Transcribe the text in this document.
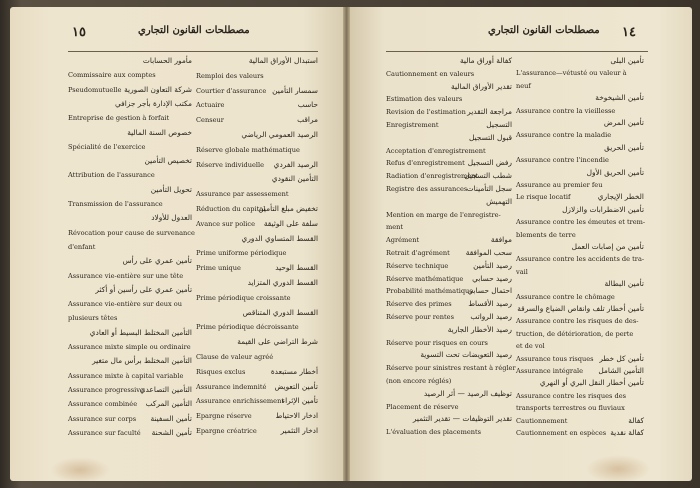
١٥	مصطلحات القانون التجاري
مأمور الحسابات
Commissaire aux comptes
Pseudomutuelle شركة التعاون الصورية
مكتب الإدارة بأجر جزافي
Entreprise de gestion à forfait
خصوص السنة المالية
Spécialité de l'exercice
تخصيص التأمين
Attribution de l'assurance
تحويل التأمين
Transmission de l'assurance
العدول للأولاد
Révocation pour cause de survenance
d'enfant
تأمين عمري على رأس
Assurance vie-entière sur une tête
تأمين عمري على رأسين أو أكثر
Assurance vie-entière sur deux ou
plusieurs têtes
التأمين المختلط البسيط أو العادي
Assurance mixte simple ou ordinaire
التأمين المختلط برأس مال متغير
Assurance mixte à capital variable
Assurance progressive
التأمين التصاعدي
Assurance combinée التأمين المركب
Assurance sur corps تأمين السفينة
Assurance sur faculté تأمين الشحنة
استبدال الأوراق المالية
Remploi des valeurs
Courtier d'assurance سمسار التأمين
Actuaire	حاسب
Censeur	مراقب
الرصيد العمومي الرياضي
Réserve globale mathématique
Réserve individuelle الرصيد الفردي
التأمين النقودي
Assurance par assessement
Réduction du capital
تخفيض مبلغ التأمين
Avance sur police سلفة على الوثيقة
القسط المتساوي الدوري
Prime uniforme périodique
Prime unique	القسط الوحيد
القسط الدوري المتزايد
Prime périodique croissante
القسط الدوري المتناقص
Prime périodique décroissante
شرط التراضي على القيمة
Clause de valeur agréé
Risques exclus	أخطار مستبعدة
Assurance indemnité تأمين التعويض
Assurance enrichissement
تأمين الإثراء
Epargne réserve	ادخار الاحتياط
Epargne créatrice	ادخار التثمير
١٤
مصطلحات القانون التجاري
كفالة أوراق مالية
Cautionnement en valeurs
تقدير الأوراق المالية
Estimation des valeurs
Revision de l'estimation مراجعة التقدير
Enregistrement	التسجيل
قبول التسجيل
Acceptation d'enregistrement
Refus d'enregistrement رفض التسجيل
Radiation d'enregistrement
شطب التسجيل
Registre des assurances سجل التأمينات
التهميش
Mention en marge de l'enregistre-
ment
Agrément	موافقة
Retrait d'agrément سحب الموافقة
Réserve technique	رصيد التأمين
Réserve mathématique رصيد حسابي
Probabilité mathématique
احتمال حسابي
Réserve des primes رصيد الأقساط
Réserve pour rentes رصيد الرواتب
رصيد الأخطار الجارية
Réserve pour risques en cours
رصيد التعويضات تحت التسوية
Réserve pour sinistres restant à régler
(non encore réglés)
توظيف الرصيد — أثر الرصيد
Placement de réserve
تقدير التوظيفات — تقدير التثمير
L'évaluation des placements
تأمين البلى
L'assurance—vétusté ou valeur à
neuf
تأمين الشيخوخة
Assurance contre la vieillesse
تأمين المرض
Assurance contre la maladie
تأمين الحريق
Assurance contre l'incendie
تأمين الحريق الأول
Assurance au premier feu
Le risque locatif	الخطر الإيجاري
تأمين الاضطرابات والزلازل
Assurance contre les émeutes et trem-
blements de terre
تأمين من إصابات العمل
Assurance contre les accidents de tra-
vail
تأمين البطالة
Assurance contre le chômage
تأمين أخطار تلف وانقاص الضياع والسرقة
Assurance contre les risques de des-
truction, de détérioration, de perte
et de vol
Assurance tous risques تأمين كل خطر
Assurance intégrale التأمين الشامل
تأمين أخطار النقل البري أو النهري
Assurance contre les risques des
transports terrestres ou fluviaux
Cautionnement	كفالة
Cautionnement en espèces كفالة نقدية
